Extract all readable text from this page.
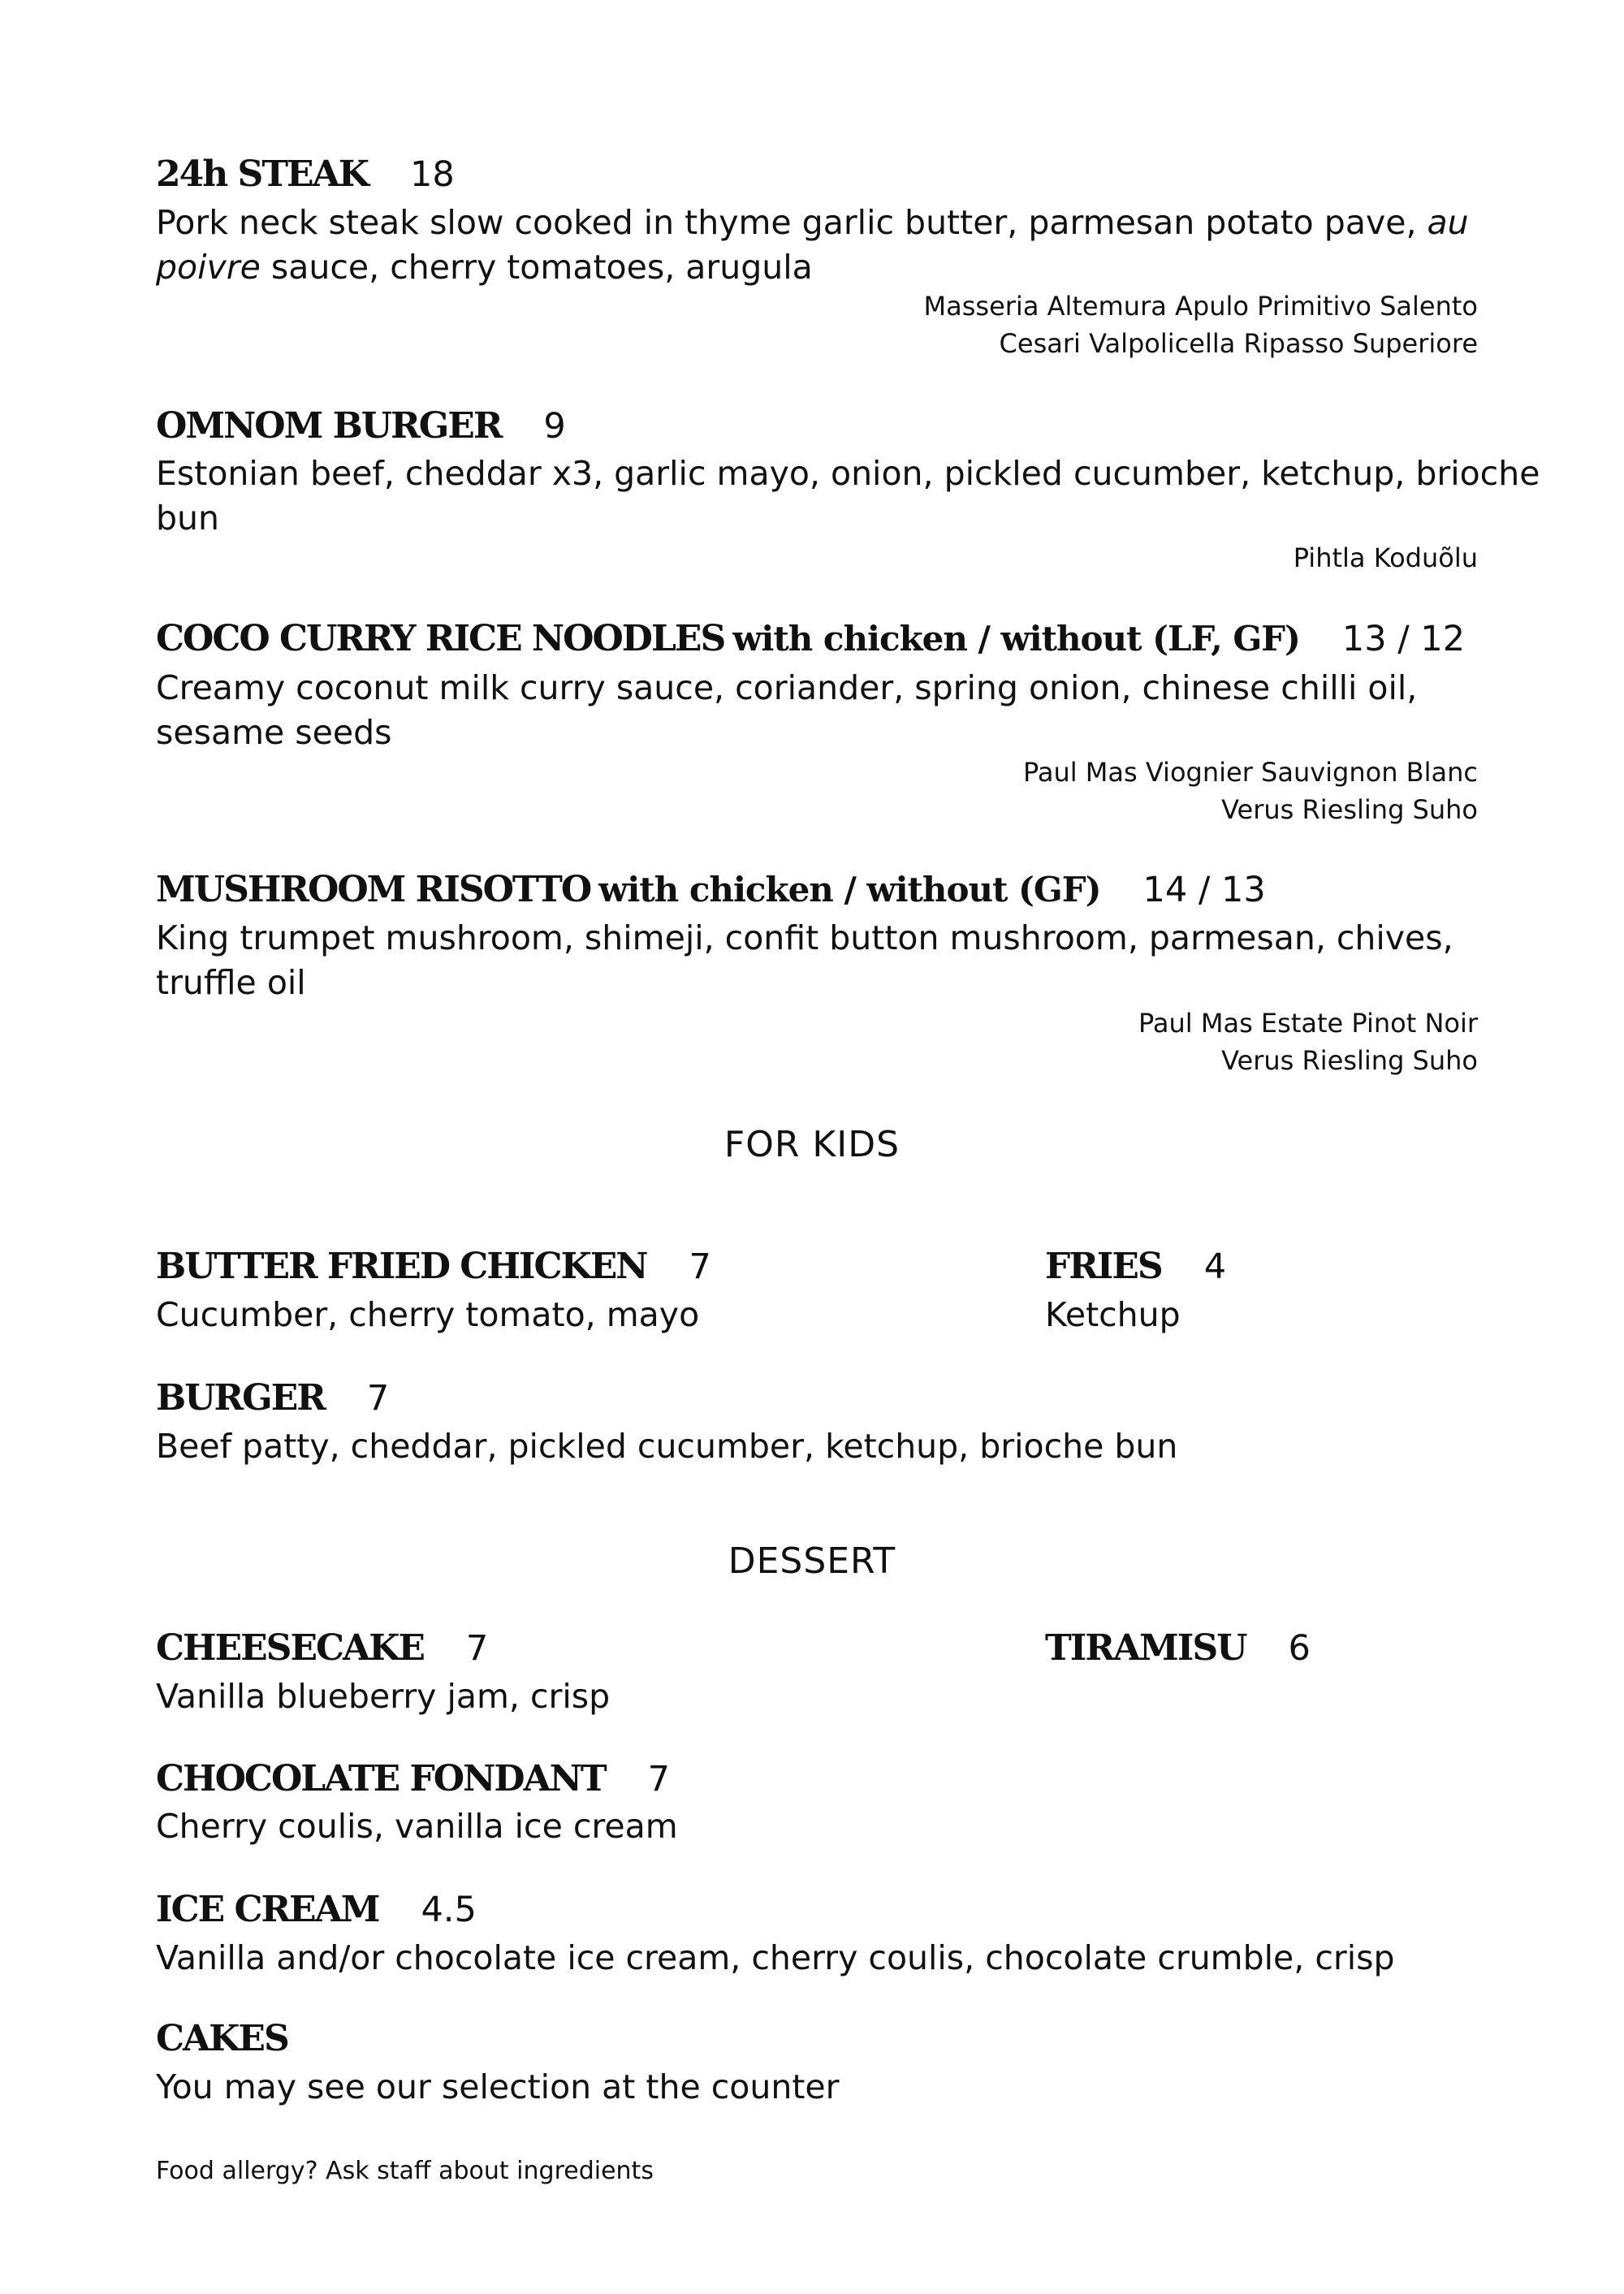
24h STEAK 18
Pork neck steak slow cooked in thyme garlic butter, parmesan potato pave, au poivre sauce, cherry tomatoes, arugula
Masseria Altemura Apulo Primitivo Salento
Cesari Valpolicella Ripasso Superiore
OMNOM BURGER 9
Estonian beef, cheddar x3, garlic mayo, onion, pickled cucumber, ketchup, brioche bun
Pihtla Koduõlu
COCO CURRY RICE NOODLES with chicken / without (LF, GF) 13 / 12
Creamy coconut milk curry sauce, coriander, spring onion, chinese chilli oil, sesame seeds
Paul Mas Viognier Sauvignon Blanc
Verus Riesling Suho
MUSHROOM RISOTTO with chicken / without (GF) 14 / 13
King trumpet mushroom, shimeji, confit button mushroom, parmesan, chives, truffle oil
Paul Mas Estate Pinot Noir
Verus Riesling Suho
FOR KIDS
BUTTER FRIED CHICKEN 7
Cucumber, cherry tomato, mayo
FRIES 4
Ketchup
BURGER 7
Beef patty, cheddar, pickled cucumber, ketchup, brioche bun
DESSERT
CHEESECAKE 7
Vanilla blueberry jam, crisp
TIRAMISU 6
CHOCOLATE FONDANT 7
Cherry coulis, vanilla ice cream
ICE CREAM 4.5
Vanilla and/or chocolate ice cream, cherry coulis, chocolate crumble, crisp
CAKES
You may see our selection at the counter
Food allergy? Ask staff about ingredients
